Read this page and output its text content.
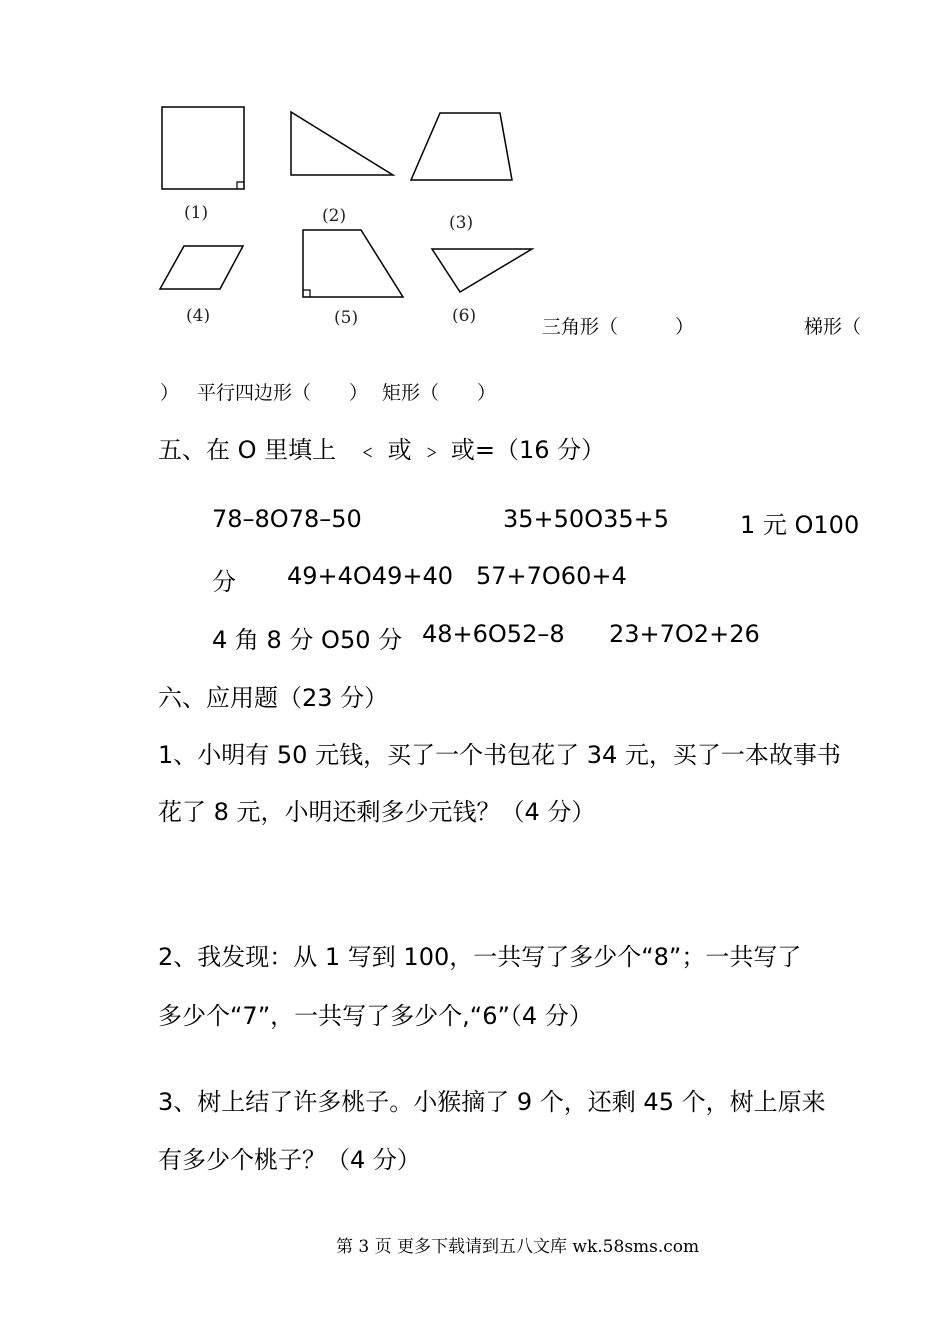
(1)	(2)	(3)
(4)	(5)	(6)	三角形（　　　）	梯形（
） 平行四边形（　　） 矩形（　　）
五、在 O 里填上 ﹤ 或 ﹥ 或=（16 分）
78–8O78–50	35+50O35+5	1 元 O100
分 49+4O49+40 57+7O60+4
4 角 8 分 O50 分 48+6O52–8 23+7O2+26
六、应用题（23 分）
1、小明有 50 元钱，买了一个书包花了 34 元，买了一本故事书
花了 8 元，小明还剩多少元钱？（4 分）
2、我发现：从 1 写到 100，一共写了多少个“8”；一共写了
多少个“7”，一共写了多少个,“6”（4 分）
3、树上结了许多桃子。小猴摘了 9 个，还剩 45 个，树上原来
有多少个桃子？（4 分）
第 3 页 更多下载请到五八文库 wk.58sms.com
